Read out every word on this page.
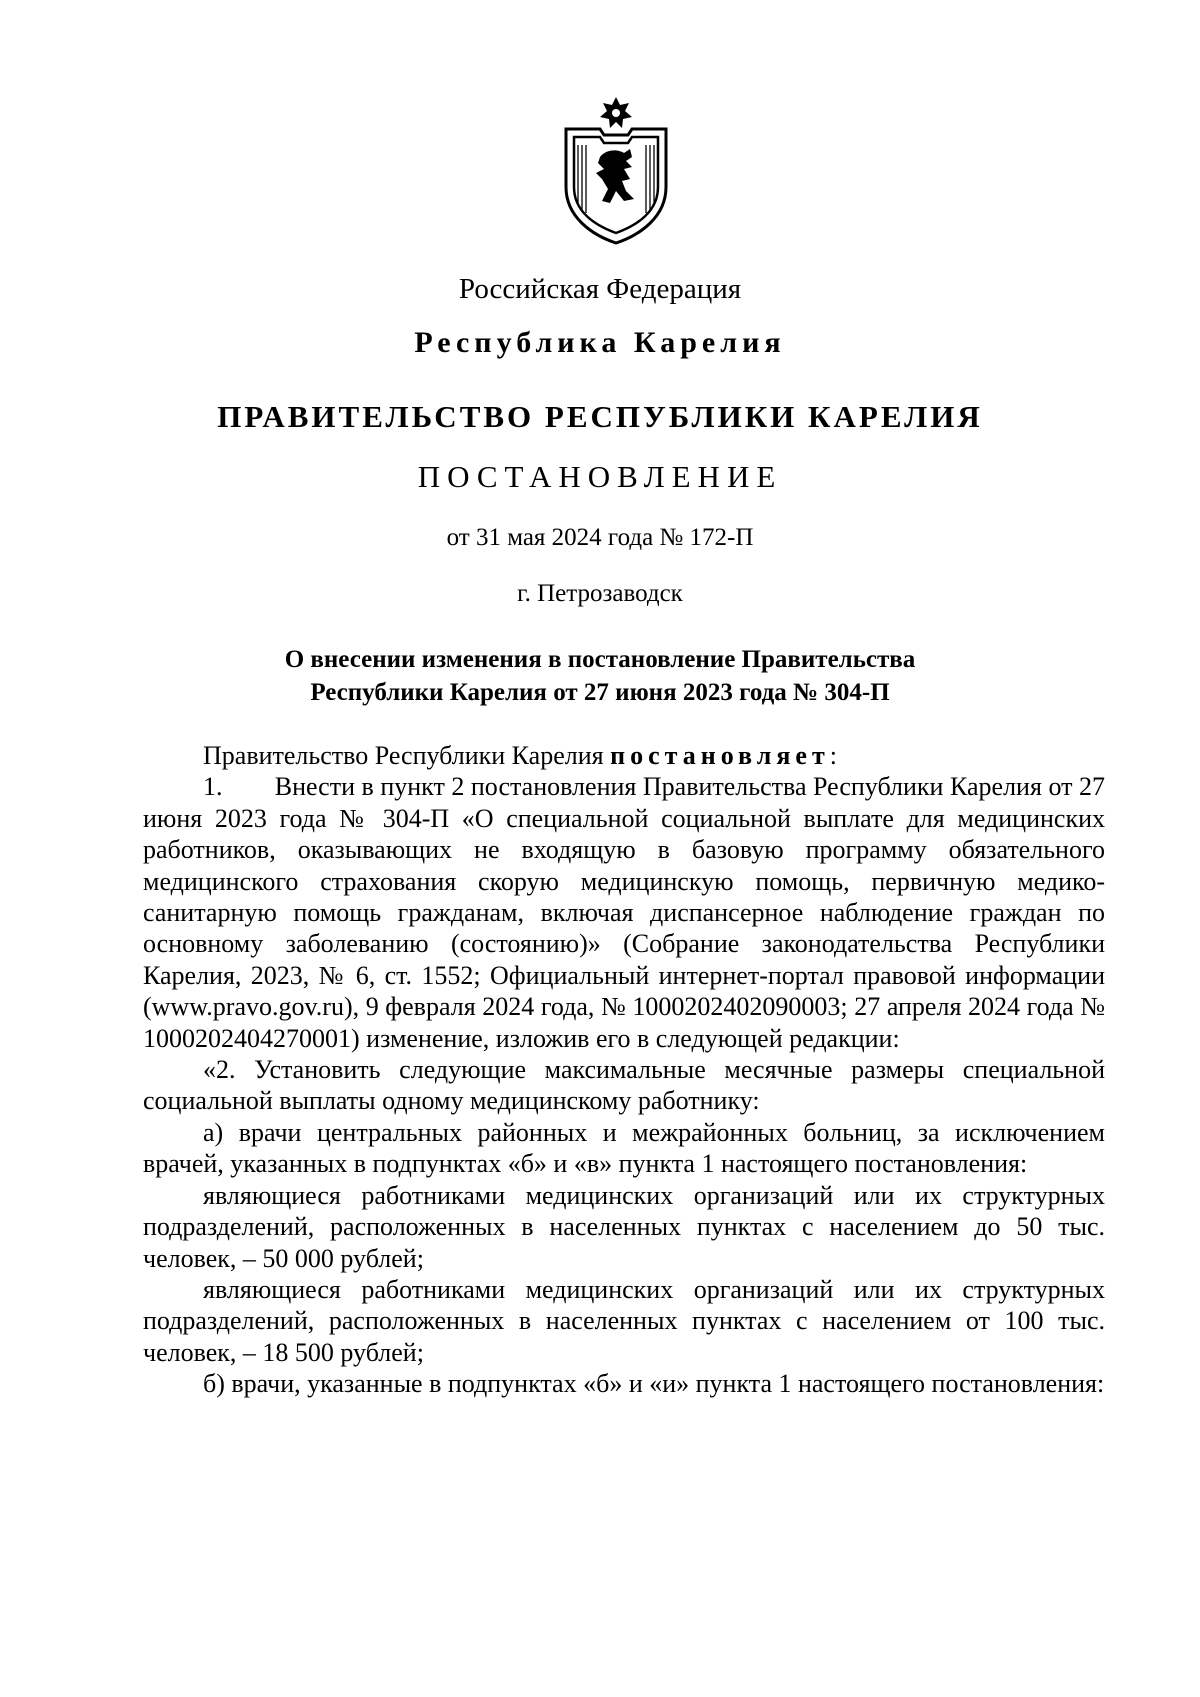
Российская Федерация
Республика Карелия
ПРАВИТЕЛЬСТВО РЕСПУБЛИКИ КАРЕЛИЯ
ПОСТАНОВЛЕНИЕ
от 31 мая 2024 года № 172-П
г. Петрозаводск
О внесении изменения в постановление Правительства
Республики Карелия от 27 июня 2023 года № 304-П

Правительство Республики Карелия постановляет:

1.        Внести в пункт 2 постановления Правительства Республики Карелия от 27 июня 2023 года № 304-П «О специальной социальной выплате для медицинских работников, оказывающих не входящую в базовую программу обязательного медицинского страхования скорую медицинскую помощь, первичную медико-санитарную помощь гражданам, включая диспансерное наблюдение граждан по основному заболеванию (состоянию)» (Собрание законодательства Республики Карелия, 2023, № 6, ст. 1552; Официальный интернет-портал правовой информации (www.pravo.gov.ru), 9 февраля 2024 года, № 1000202402090003; 27 апреля 2024 года № 1000202404270001) изменение, изложив его в следующей редакции:

«2. Установить следующие максимальные месячные размеры специальной социальной выплаты одному медицинскому работнику:

а) врачи центральных районных и межрайонных больниц, за исключением врачей, указанных в подпунктах «б» и «в» пункта 1 настоящего постановления:

являющиеся работниками медицинских организаций или их структурных подразделений, расположенных в населенных пунктах с населением до 50 тыс. человек, – 50 000 рублей;

являющиеся работниками медицинских организаций или их структурных подразделений, расположенных в населенных пунктах с населением от 100 тыс. человек, – 18 500 рублей;

б) врачи, указанные в подпунктах «б» и «и» пункта 1 настоящего постановления:
